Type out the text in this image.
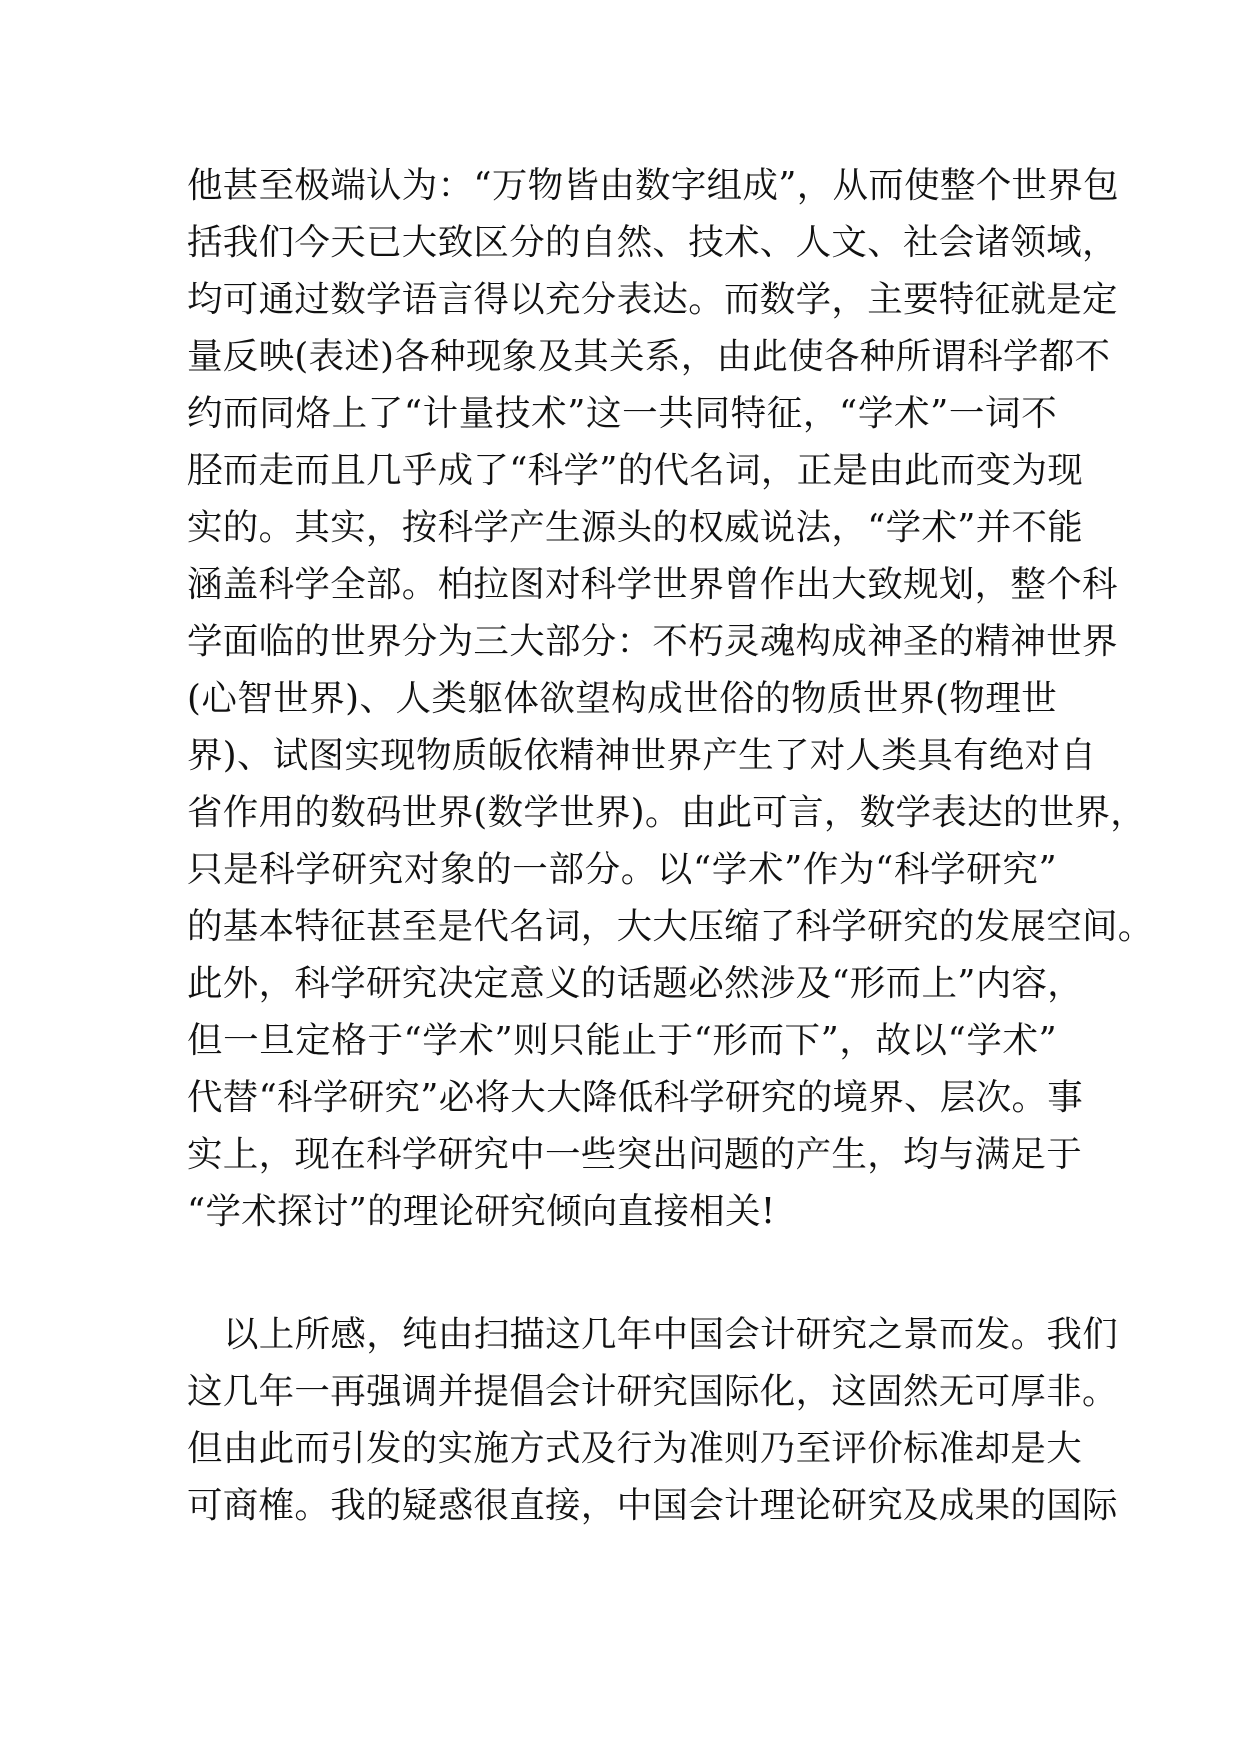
他甚至极端认为：“万物皆由数字组成”，从而使整个世界包
括我们今天已大致区分的自然、技术、人文、社会诸领域，
均可通过数学语言得以充分表达。而数学，主要特征就是定
量反映(表述)各种现象及其关系，由此使各种所谓科学都不
约而同烙上了“计量技术”这一共同特征，“学术”一词不
胫而走而且几乎成了“科学”的代名词，正是由此而变为现
实的。其实，按科学产生源头的权威说法，“学术”并不能
涵盖科学全部。柏拉图对科学世界曾作出大致规划，整个科
学面临的世界分为三大部分：不朽灵魂构成神圣的精神世界
(心智世界)、人类躯体欲望构成世俗的物质世界(物理世
界)、试图实现物质皈依精神世界产生了对人类具有绝对自
省作用的数码世界(数学世界)。由此可言，数学表达的世界，
只是科学研究对象的一部分。以“学术”作为“科学研究”
的基本特征甚至是代名词，大大压缩了科学研究的发展空间。
此外，科学研究决定意义的话题必然涉及“形而上”内容，
但一旦定格于“学术”则只能止于“形而下”，故以“学术”
代替“科学研究”必将大大降低科学研究的境界、层次。事
实上，现在科学研究中一些突出问题的产生，均与满足于
“学术探讨”的理论研究倾向直接相关!
以上所感，纯由扫描这几年中国会计研究之景而发。我们
这几年一再强调并提倡会计研究国际化，这固然无可厚非。
但由此而引发的实施方式及行为准则乃至评价标准却是大
可商榷。我的疑惑很直接，中国会计理论研究及成果的国际
